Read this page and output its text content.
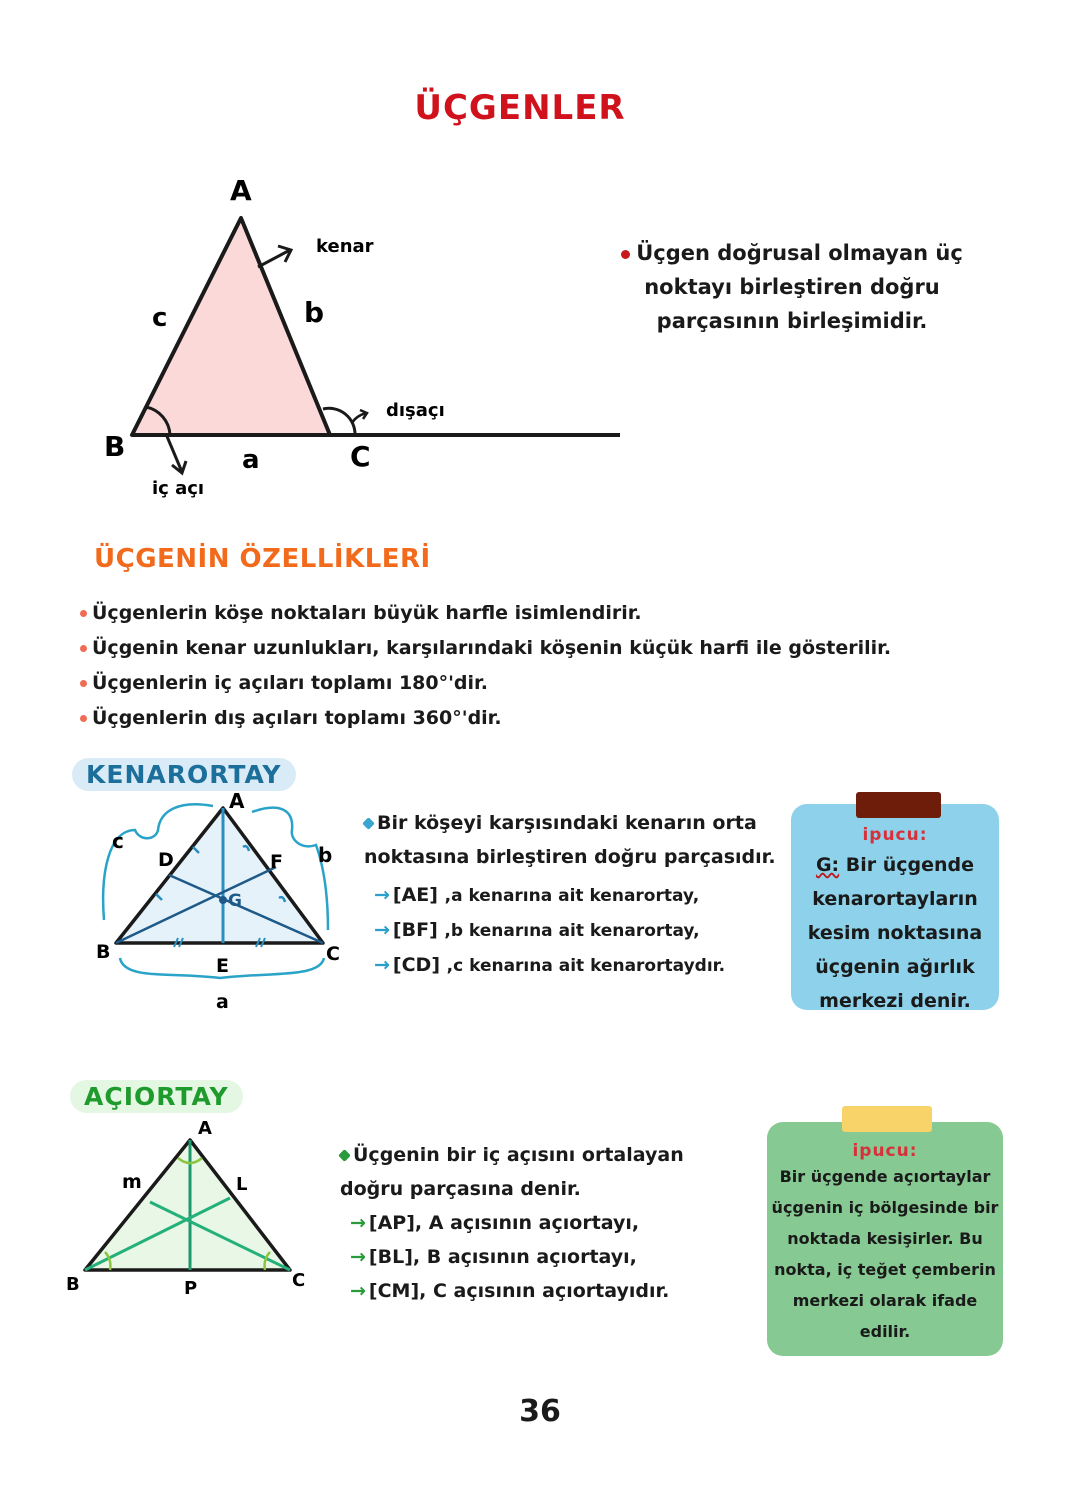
ÜÇGENLER
A
B	C
c	b
a
kenar
dışaçı
iç açı
Üçgen doğrusal olmayan üç
noktayı birleştiren doğru
parçasının birleşimidir.
ÜÇGENİN ÖZELLİKLERİ
Üçgenlerin köşe noktaları büyük harfle isimlendirir.
Üçgenin kenar uzunlukları, karşılarındaki köşenin küçük harfi ile gösterilir.
Üçgenlerin iç açıları toplamı 180°'dir.
Üçgenlerin dış açıları toplamı 360°'dir.
KENARORTAY
A
B	C
D
E
F
G
a
b
c
Bir köşeyi karşısındaki kenarın orta
noktasına birleştiren doğru parçasıdır.
→ [AE] ,a kenarına ait kenarortay,
→ [BF] ,b kenarına ait kenarortay,
→ [CD] ,c kenarına ait kenarortaydır.
ipucu:
G: Bir üçgende
kenarortayların
kesim noktasına
üçgenin ağırlık
merkezi denir.
AÇIORTAY
A
B	C
m	L
P
Üçgenin bir iç açısını ortalayan
doğru parçasına denir.
→ [AP], A açısının açıortayı,
→ [BL], B açısının açıortayı,
→ [CM], C açısının açıortayıdır.
ipucu:
Bir üçgende açıortaylar
üçgenin iç bölgesinde bir
noktada kesişirler. Bu
nokta, iç teğet çemberin
merkezi olarak ifade
edilir.
36
